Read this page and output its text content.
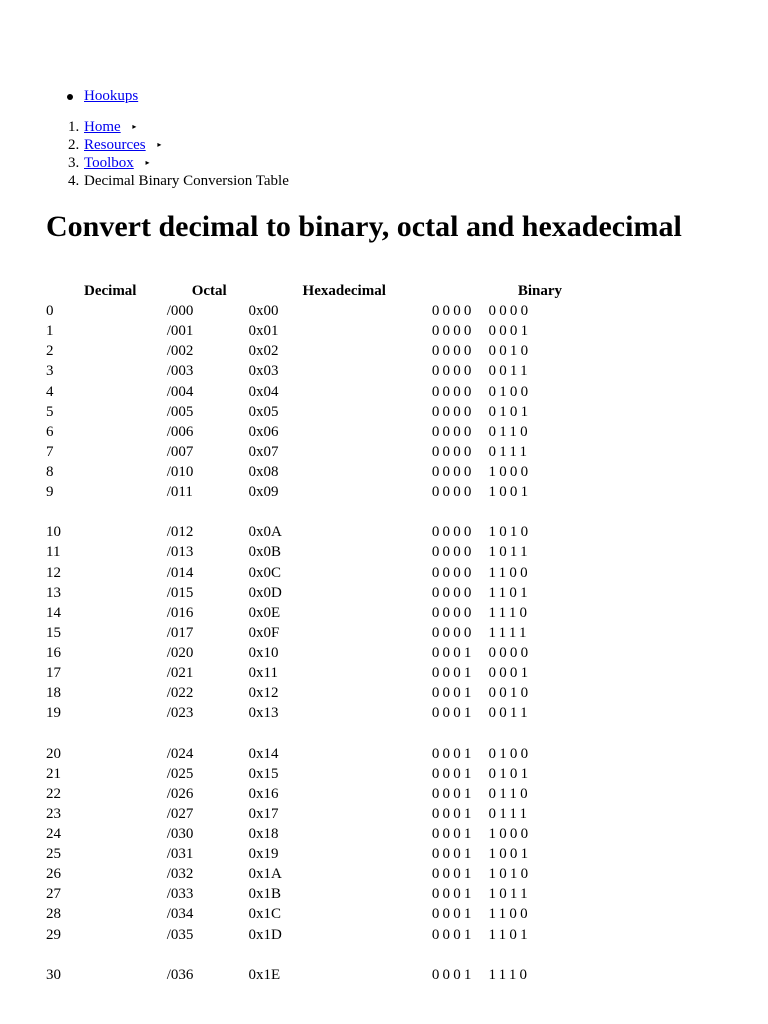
Hookups
1. Home ▸
2. Resources ▸
3. Toolbox ▸
4. Decimal Binary Conversion Table
Convert decimal to binary, octal and hexadecimal
Decimal	Octal	Hexadecimal	Binary
0	/000	0x00	0000  0000
1	/001	0x01	0000  0001
2	/002	0x02	0000  0010
3	/003	0x03	0000  0011
4	/004	0x04	0000  0100
5	/005	0x05	0000  0101
6	/006	0x06	0000  0110
7	/007	0x07	0000  0111
8	/010	0x08	0000  1000
9	/011	0x09	0000  1001

10	/012	0x0A	0000  1010
11	/013	0x0B	0000  1011
12	/014	0x0C	0000  1100
13	/015	0x0D	0000  1101
14	/016	0x0E	0000  1110
15	/017	0x0F	0000  1111
16	/020	0x10	0001  0000
17	/021	0x11	0001  0001
18	/022	0x12	0001  0010
19	/023	0x13	0001  0011

20	/024	0x14	0001  0100
21	/025	0x15	0001  0101
22	/026	0x16	0001  0110
23	/027	0x17	0001  0111
24	/030	0x18	0001  1000
25	/031	0x19	0001  1001
26	/032	0x1A	0001  1010
27	/033	0x1B	0001  1011
28	/034	0x1C	0001  1100
29	/035	0x1D	0001  1101

30	/036	0x1E	0001  1110
